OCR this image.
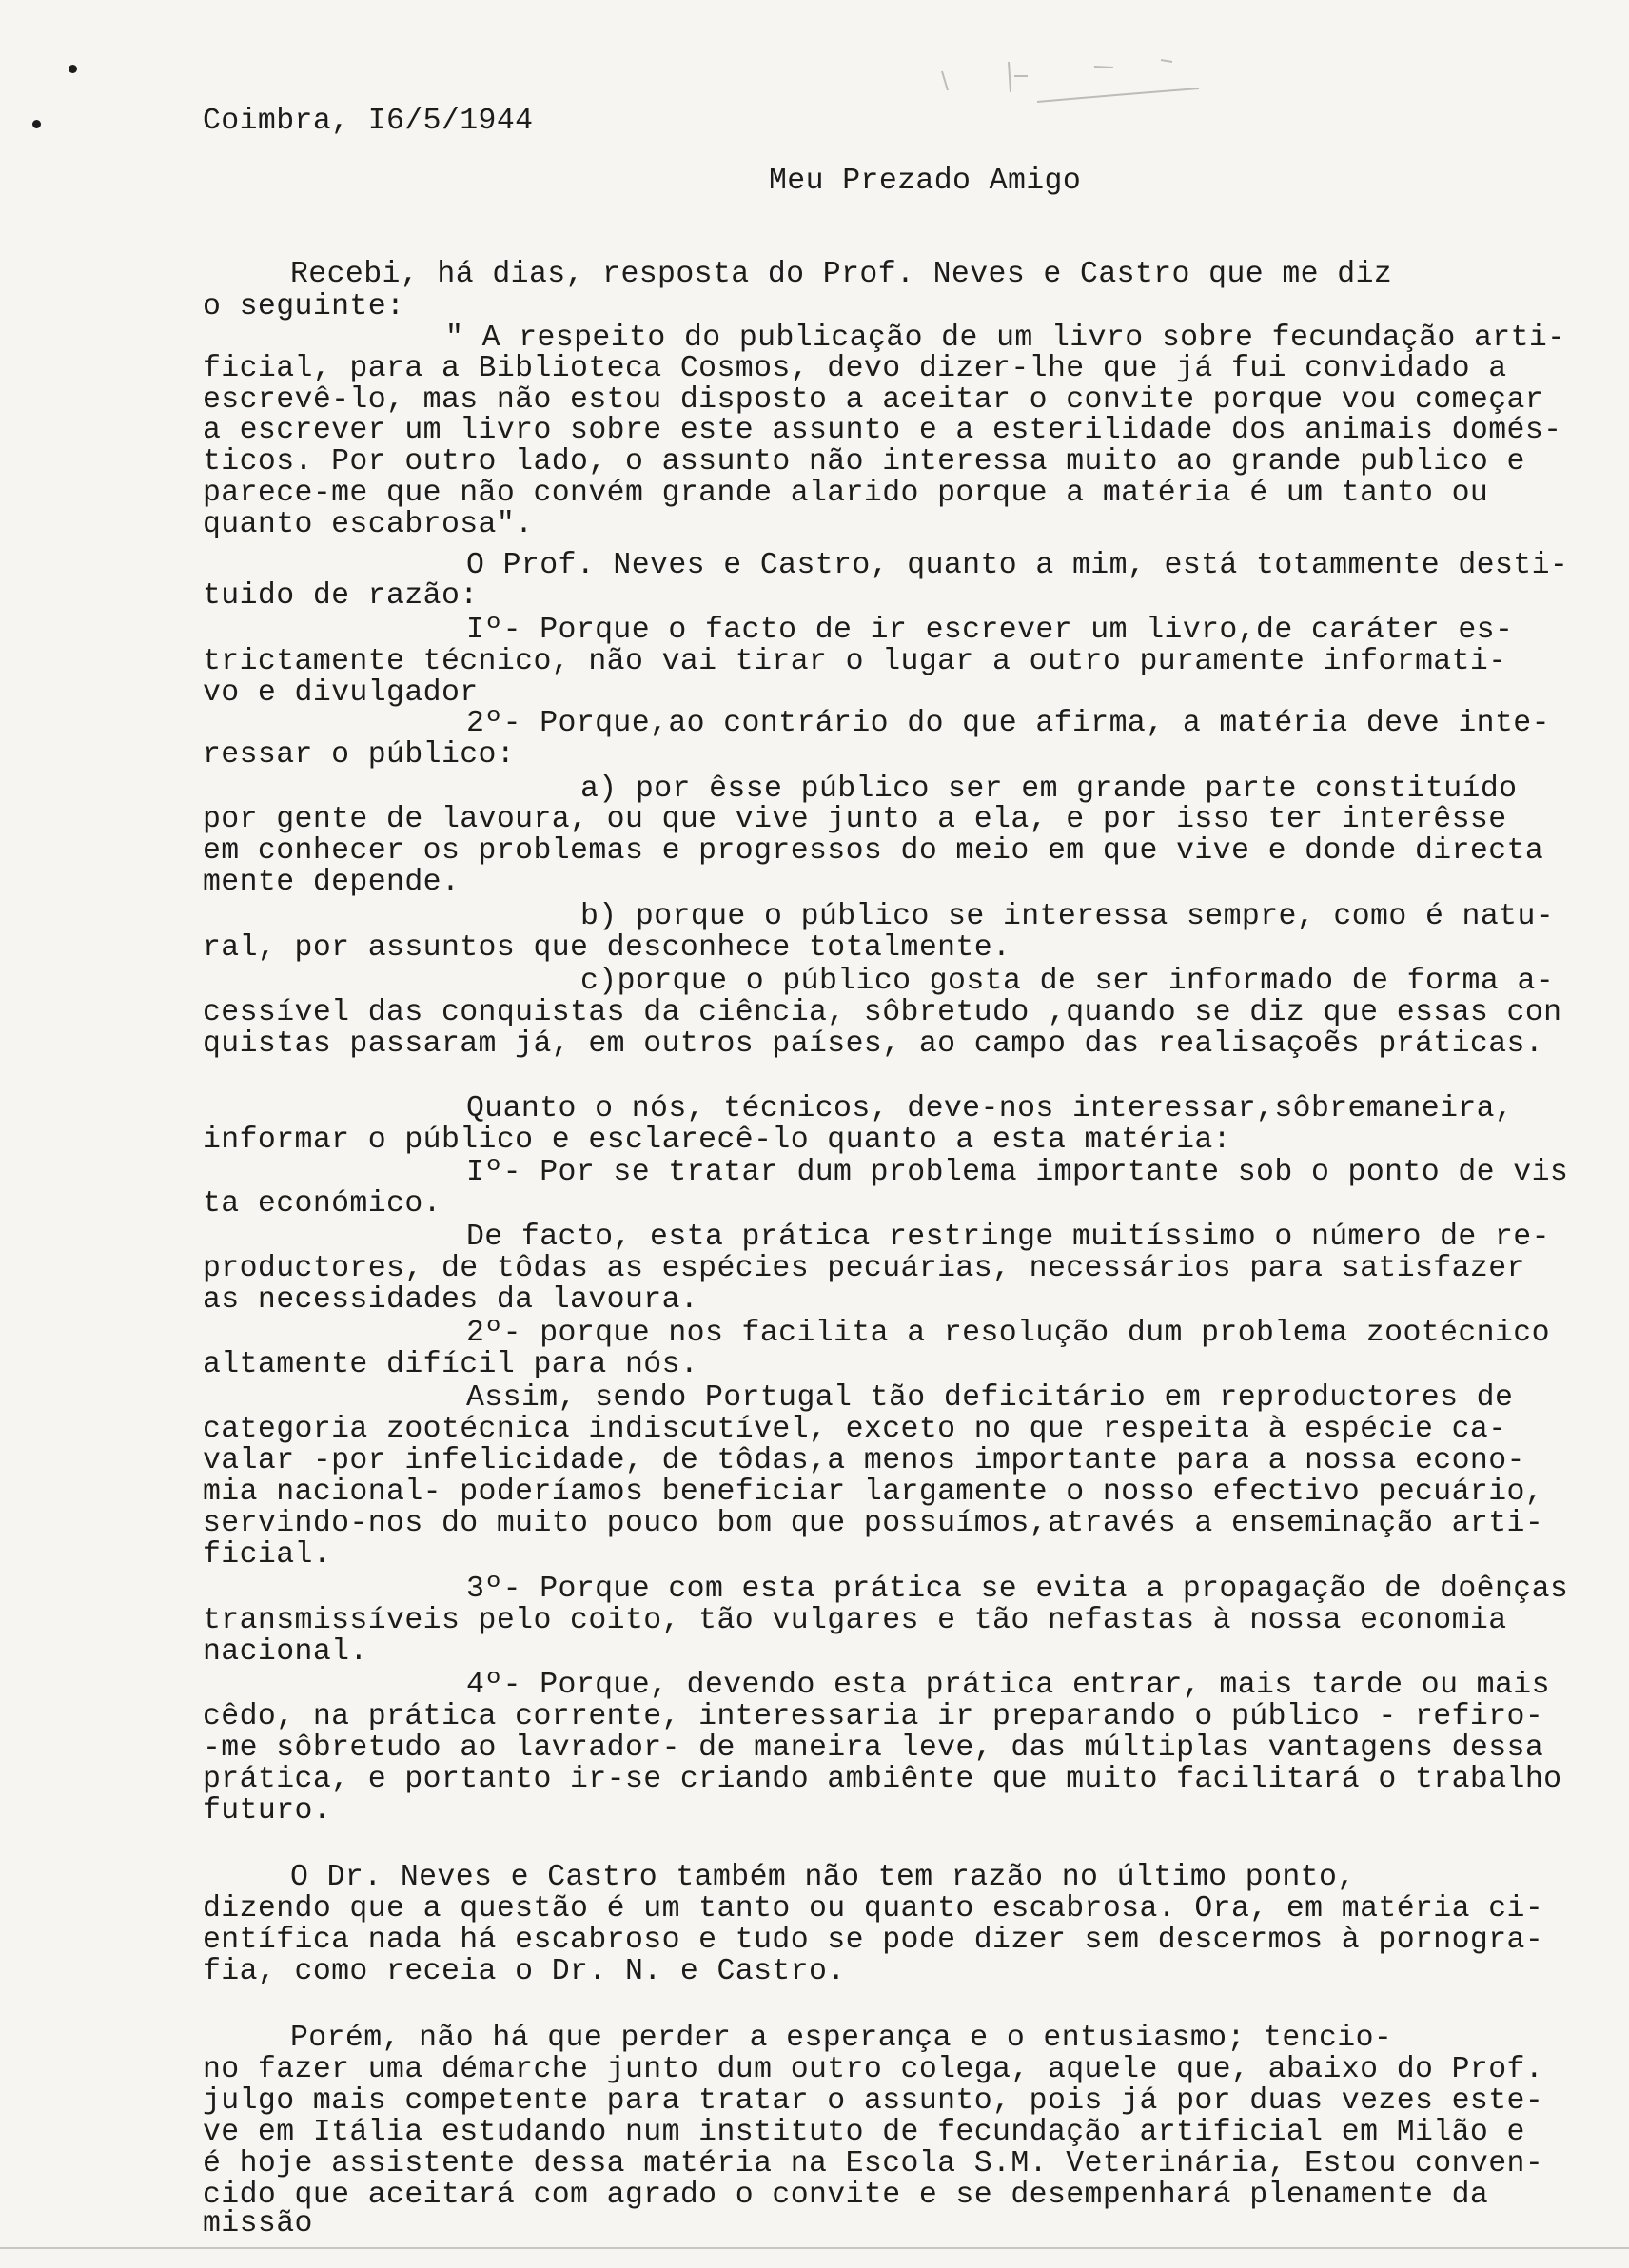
Coimbra, I6/5/1944
Meu Prezado Amigo
Recebi, há dias, resposta do Prof. Neves e Castro que me diz
o seguinte:
" A respeito do publicação de um livro sobre fecundação arti-
ficial, para a Biblioteca Cosmos, devo dizer-lhe que já fui convidado a
escrevê-lo, mas não estou disposto a aceitar o convite porque vou começar
a escrever um livro sobre este assunto e a esterilidade dos animais domés-
ticos. Por outro lado, o assunto não interessa muito ao grande publico e
parece-me que não convém grande alarido porque a matéria é um tanto ou
quanto escabrosa".
O Prof. Neves e Castro, quanto a mim, está totammente desti-
tuido de razão:
Iº- Porque o facto de ir escrever um livro,de caráter es-
trictamente técnico, não vai tirar o lugar a outro puramente informati-
vo e divulgador
2º- Porque,ao contrário do que afirma, a matéria deve inte-
ressar o público:
a) por êsse público ser em grande parte constituído
por gente de lavoura, ou que vive junto a ela, e por isso ter interêsse
em conhecer os problemas e progressos do meio em que vive e donde directa
mente depende.
b) porque o público se interessa sempre, como é natu-
ral, por assuntos que desconhece totalmente.
c)porque o público gosta de ser informado de forma a-
cessível das conquistas da ciência, sôbretudo ,quando se diz que essas con
quistas passaram já, em outros países, ao campo das realisaçoẽs práticas.
Quanto o nós, técnicos, deve-nos interessar,sôbremaneira,
informar o público e esclarecê-lo quanto a esta matéria:
Iº- Por se tratar dum problema importante sob o ponto de vis
ta económico.
De facto, esta prática restringe muitíssimo o número de re-
productores, de tôdas as espécies pecuárias, necessários para satisfazer
as necessidades da lavoura.
2º- porque nos facilita a resolução dum problema zootécnico
altamente difícil para nós.
Assim, sendo Portugal tão deficitário em reproductores de
categoria zootécnica indiscutível, exceto no que respeita à espécie ca-
valar -por infelicidade, de tôdas,a menos importante para a nossa econo-
mia nacional- poderíamos beneficiar largamente o nosso efectivo pecuário,
servindo-nos do muito pouco bom que possuímos,através a enseminação arti-
ficial.
3º- Porque com esta prática se evita a propagação de doênças
transmissíveis pelo coito, tão vulgares e tão nefastas à nossa economia
nacional.
4º- Porque, devendo esta prática entrar, mais tarde ou mais
cêdo, na prática corrente, interessaria ir preparando o público - refiro-
-me sôbretudo ao lavrador- de maneira leve, das múltiplas vantagens dessa
prática, e portanto ir-se criando ambiênte que muito facilitará o trabalho
futuro.
O Dr. Neves e Castro também não tem razão no último ponto,
dizendo que a questão é um tanto ou quanto escabrosa. Ora, em matéria ci-
entífica nada há escabroso e tudo se pode dizer sem descermos à pornogra-
fia, como receia o Dr. N. e Castro.
Porém, não há que perder a esperança e o entusiasmo; tencio-
no fazer uma démarche junto dum outro colega, aquele que, abaixo do Prof.
julgo mais competente para tratar o assunto, pois já por duas vezes este-
ve em Itália estudando num instituto de fecundação artificial em Milão e
é hoje assistente dessa matéria na Escola S.M. Veterinária, Estou conven-
cido que aceitará com agrado o convite e se desempenhará plenamente da
missão
